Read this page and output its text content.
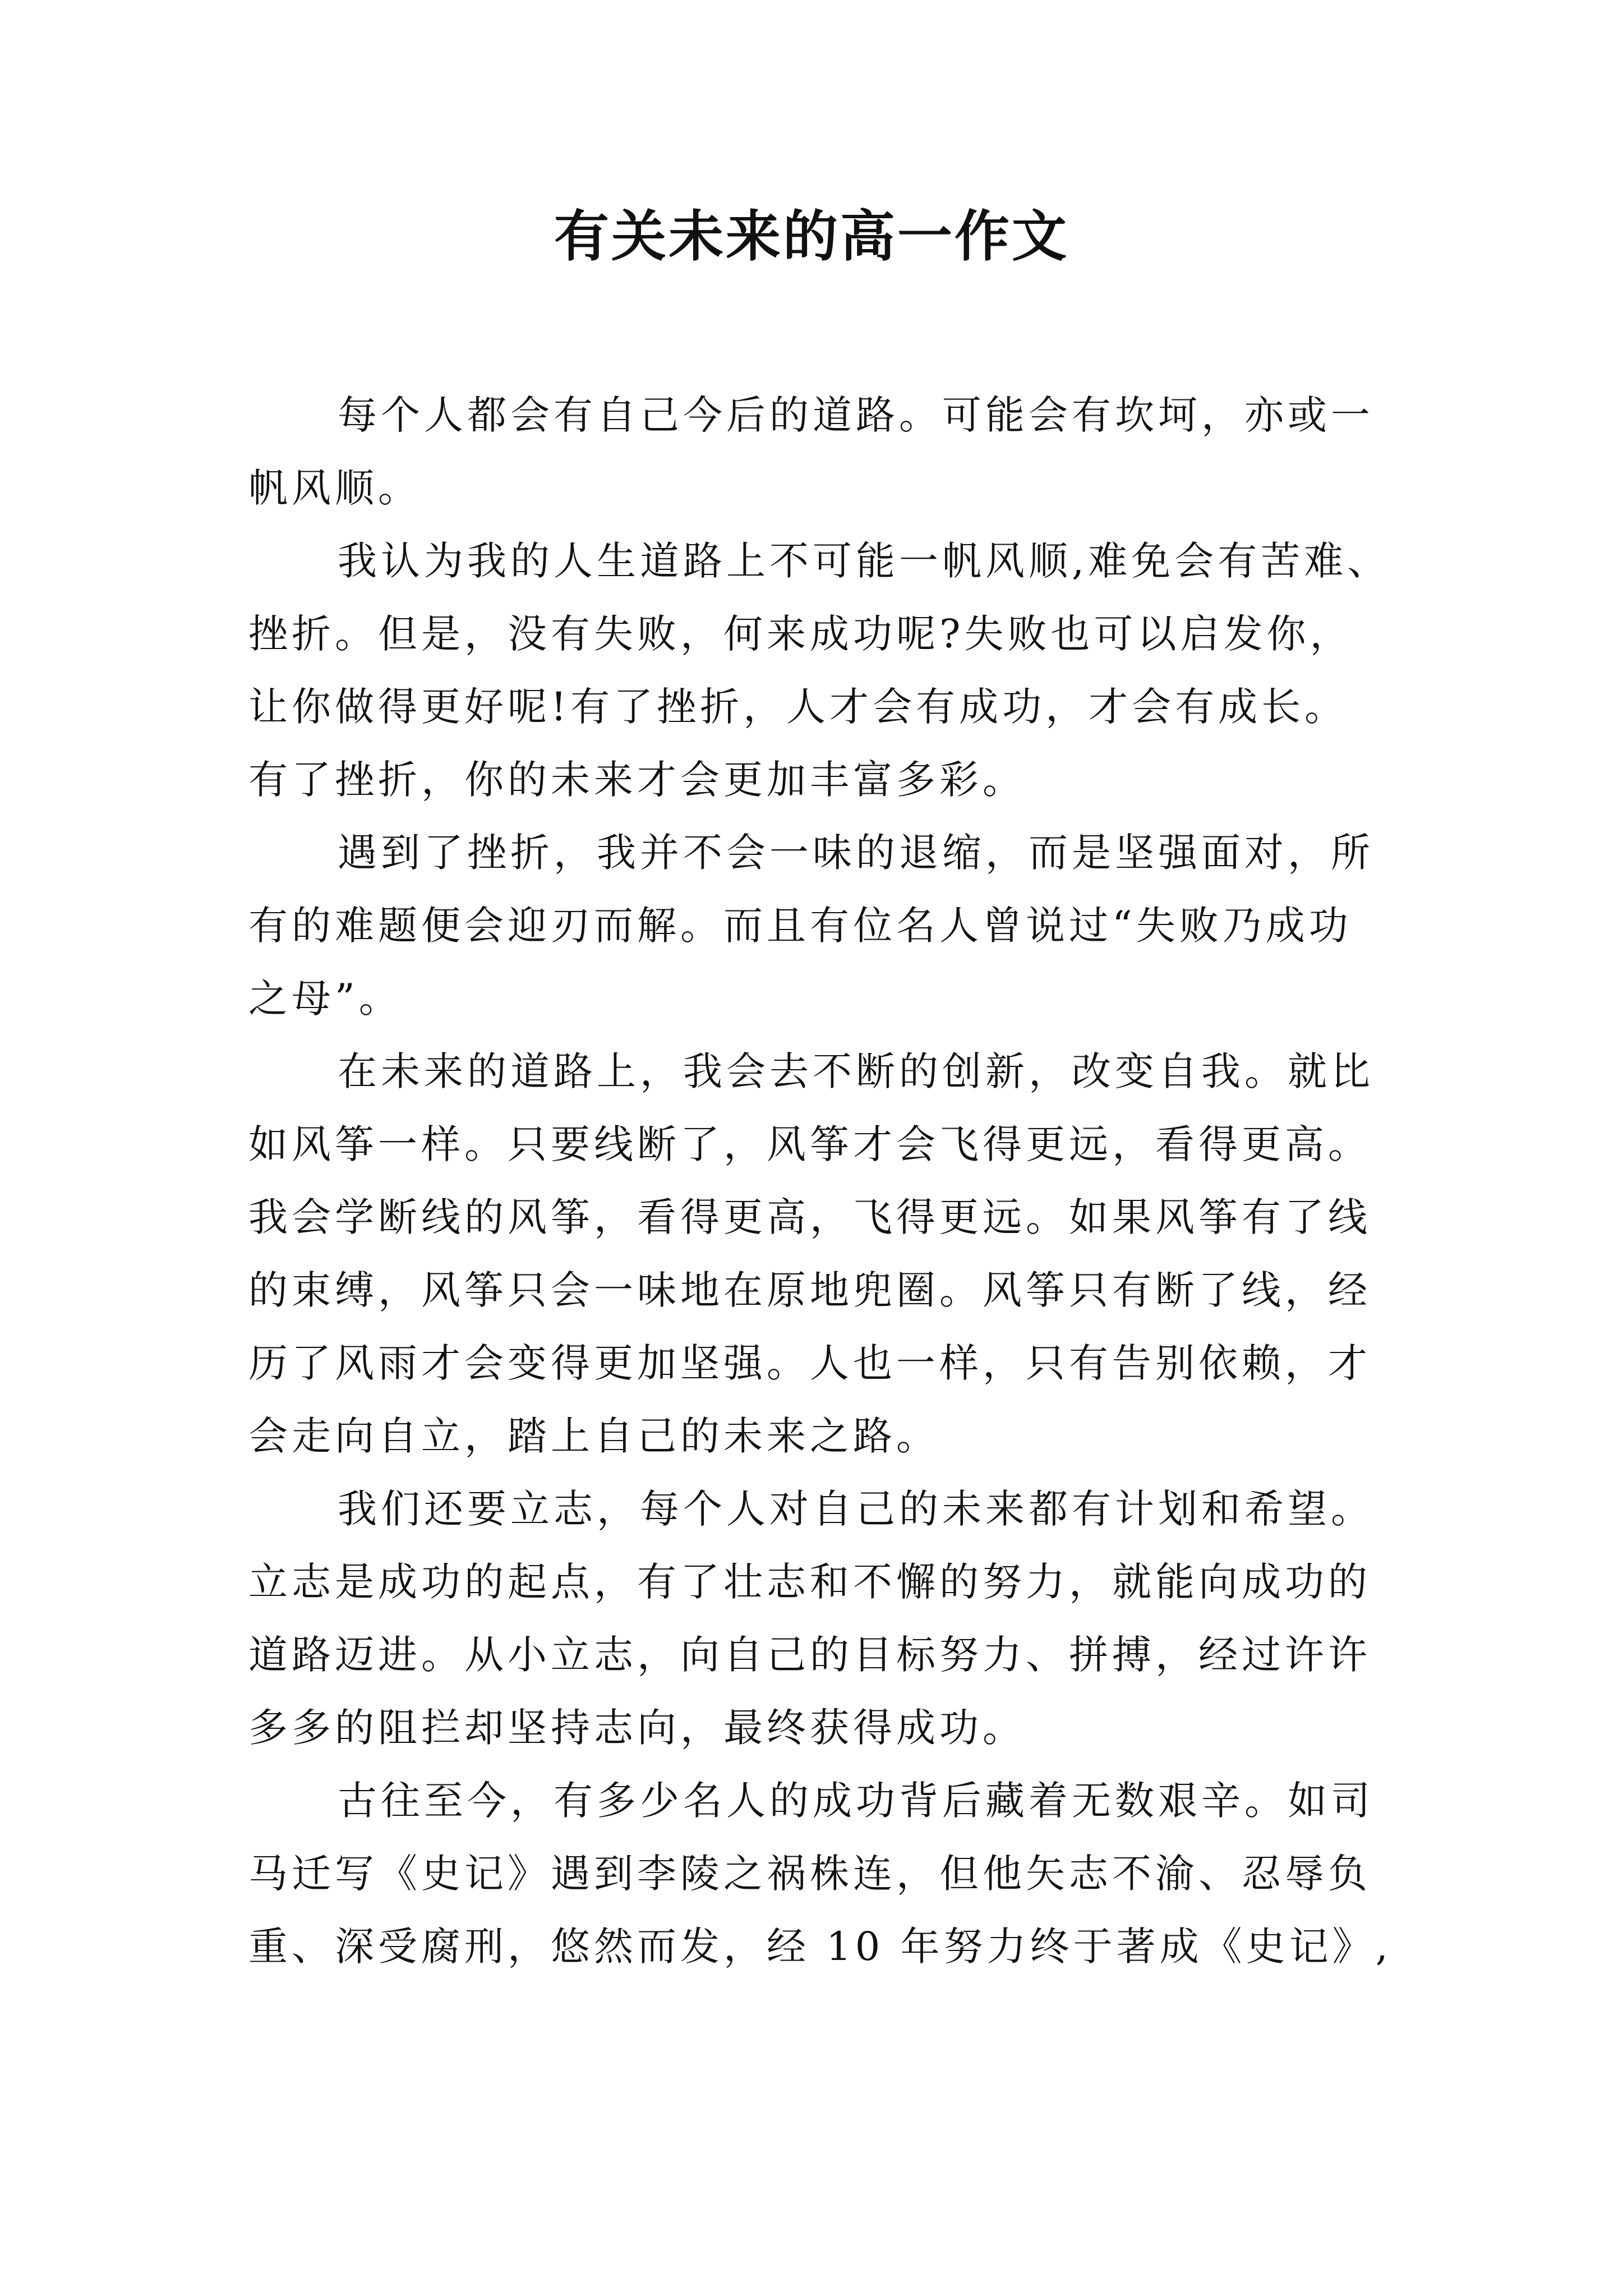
有关未来的高一作文
每个人都会有自己今后的道路。可能会有坎坷，亦或一
帆风顺。
我认为我的人生道路上不可能一帆风顺,难免会有苦难、
挫折。但是，没有失败，何来成功呢?失败也可以启发你，
让你做得更好呢!有了挫折，人才会有成功，才会有成长。
有了挫折，你的未来才会更加丰富多彩。
遇到了挫折，我并不会一味的退缩，而是坚强面对，所
有的难题便会迎刃而解。而且有位名人曾说过“失败乃成功
之母”。
在未来的道路上，我会去不断的创新，改变自我。就比
如风筝一样。只要线断了，风筝才会飞得更远，看得更高。
我会学断线的风筝，看得更高，飞得更远。如果风筝有了线
的束缚，风筝只会一味地在原地兜圈。风筝只有断了线，经
历了风雨才会变得更加坚强。人也一样，只有告别依赖，才
会走向自立，踏上自己的未来之路。
我们还要立志，每个人对自己的未来都有计划和希望。
立志是成功的起点，有了壮志和不懈的努力，就能向成功的
道路迈进。从小立志，向自己的目标努力、拼搏，经过许许
多多的阻拦却坚持志向，最终获得成功。
古往至今，有多少名人的成功背后藏着无数艰辛。如司
马迁写《史记》遇到李陵之祸株连，但他矢志不渝、忍辱负
重、深受腐刑，悠然而发，经 10 年努力终于著成《史记》,
